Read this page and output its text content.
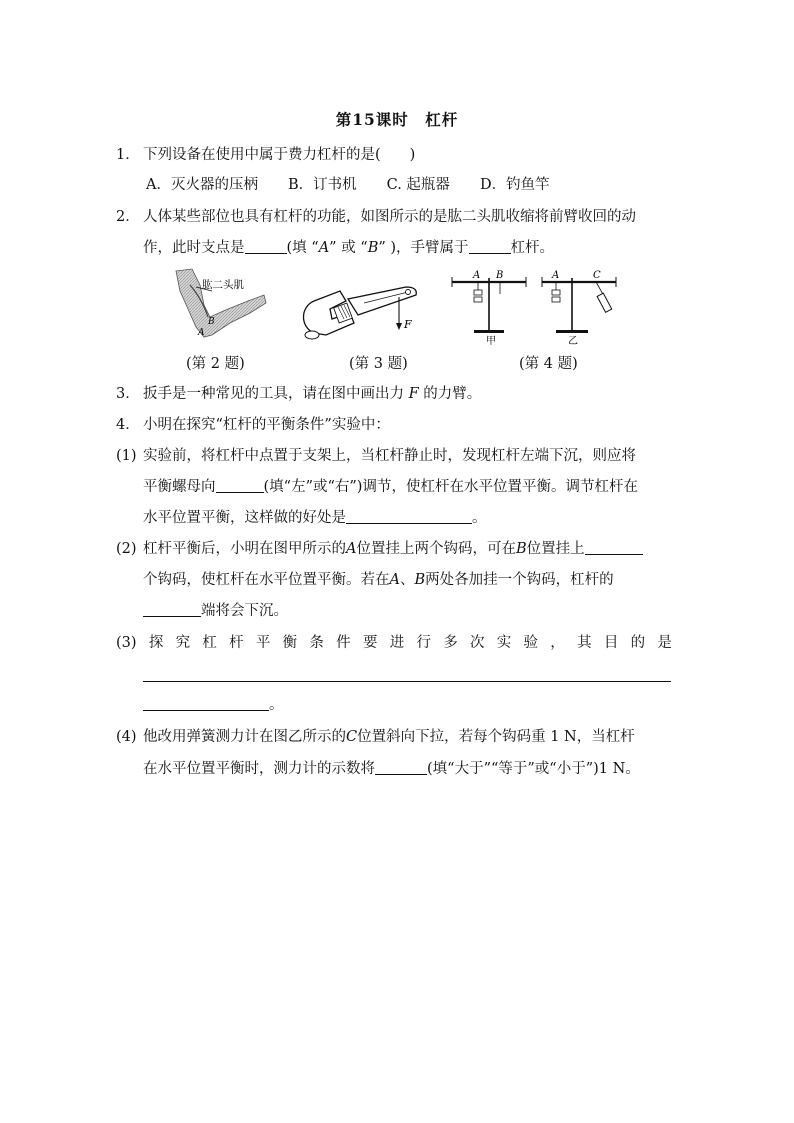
第15课时　杠杆
1． 下列设备在使用中属于费力杠杆的是(　　)
A．灭火器的压柄 B．订书机 C. 起瓶器 D．钓鱼竿
2． 人体某些部位也具有杠杆的功能，如图所示的是肱二头肌收缩将前臂收回的动
作，此时支点是	(填 “A” 或 “B” )，手臂属于	杠杆。
肱二头肌
B
A
(第 2 题)
F
(第 3 题)
A B
甲
A	C
乙
(第 4 题)
3． 扳手是一种常见的工具，请在图中画出力 F 的力臂。
4． 小明在探究“杠杆的平衡条件”实验中：
(1) 实验前，将杠杆中点置于支架上，当杠杆静止时，发现杠杆左端下沉，则应将
平衡螺母向	(填“左”或“右”)调节，使杠杆在水平位置平衡。调节杠杆在
水平位置平衡，这样做的好处是	。
(2) 杠杆平衡后，小明在图甲所示的A位置挂上两个钩码，可在B位置挂上
个钩码，使杠杆在水平位置平衡。若在A、B两处各加挂一个钩码，杠杆的
端将会下沉。
(3) 探 究 杠 杆 平 衡 条 件 要 进 行 多 次 实 验 ， 其 目 的 是
。
(4) 他改用弹簧测力计在图乙所示的C位置斜向下拉，若每个钩码重 1 N，当杠杆
在水平位置平衡时，测力计的示数将	(填“大于”“等于”或“小于”)1 N。
